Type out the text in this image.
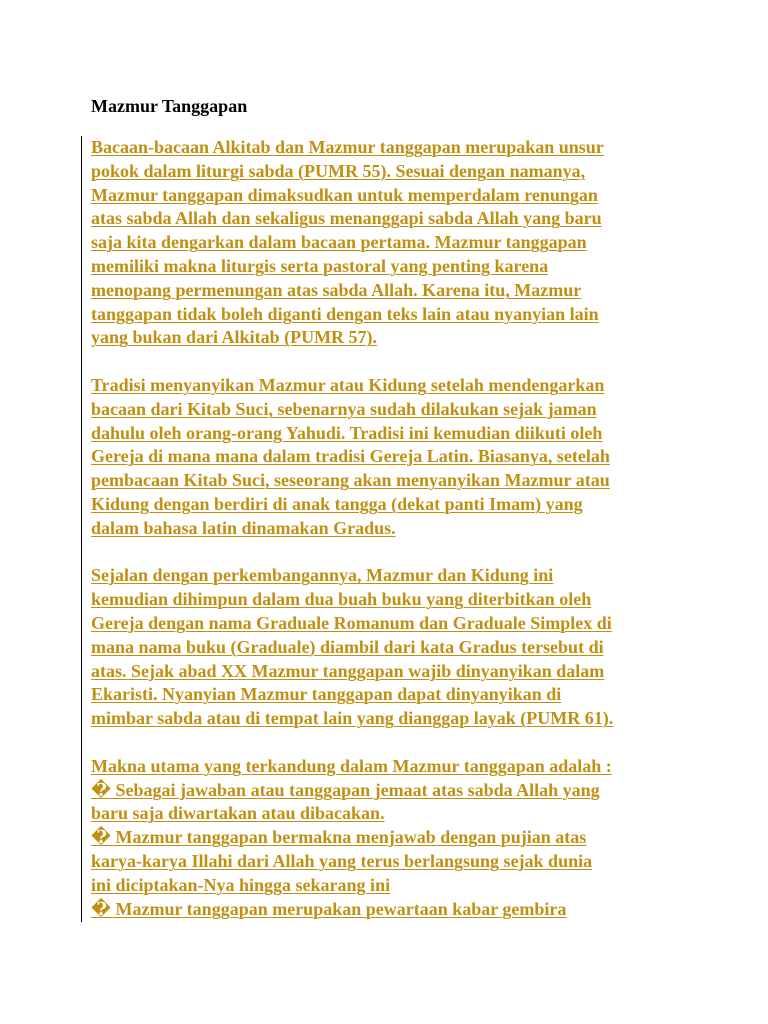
Mazmur Tanggapan
Bacaan-bacaan Alkitab dan Mazmur tanggapan merupakan unsur
pokok dalam liturgi sabda (PUMR 55). Sesuai dengan namanya,
Mazmur tanggapan dimaksudkan untuk memperdalam renungan
atas sabda Allah dan sekaligus menanggapi sabda Allah yang baru
saja kita dengarkan dalam bacaan pertama. Mazmur tanggapan
memiliki makna liturgis serta pastoral yang penting karena
menopang permenungan atas sabda Allah. Karena itu, Mazmur
tanggapan tidak boleh diganti dengan teks lain atau nyanyian lain
yang bukan dari Alkitab (PUMR 57).
Tradisi menyanyikan Mazmur atau Kidung setelah mendengarkan
bacaan dari Kitab Suci, sebenarnya sudah dilakukan sejak jaman
dahulu oleh orang-orang Yahudi. Tradisi ini kemudian diikuti oleh
Gereja di mana mana dalam tradisi Gereja Latin. Biasanya, setelah
pembacaan Kitab Suci, seseorang akan menyanyikan Mazmur atau
Kidung dengan berdiri di anak tangga (dekat panti Imam) yang
dalam bahasa latin dinamakan Gradus.
Sejalan dengan perkembangannya, Mazmur dan Kidung ini
kemudian dihimpun dalam dua buah buku yang diterbitkan oleh
Gereja dengan nama Graduale Romanum dan Graduale Simplex di
mana nama buku (Graduale) diambil dari kata Gradus tersebut di
atas. Sejak abad XX Mazmur tanggapan wajib dinyanyikan dalam
Ekaristi. Nyanyian Mazmur tanggapan dapat dinyanyikan di
mimbar sabda atau di tempat lain yang dianggap layak (PUMR 61).
Makna utama yang terkandung dalam Mazmur tanggapan adalah :
� Sebagai jawaban atau tanggapan jemaat atas sabda Allah yang
baru saja diwartakan atau dibacakan.
� Mazmur tanggapan bermakna menjawab dengan pujian atas
karya-karya Illahi dari Allah yang terus berlangsung sejak dunia
ini diciptakan-Nya hingga sekarang ini
� Mazmur tanggapan merupakan pewartaan kabar gembira
